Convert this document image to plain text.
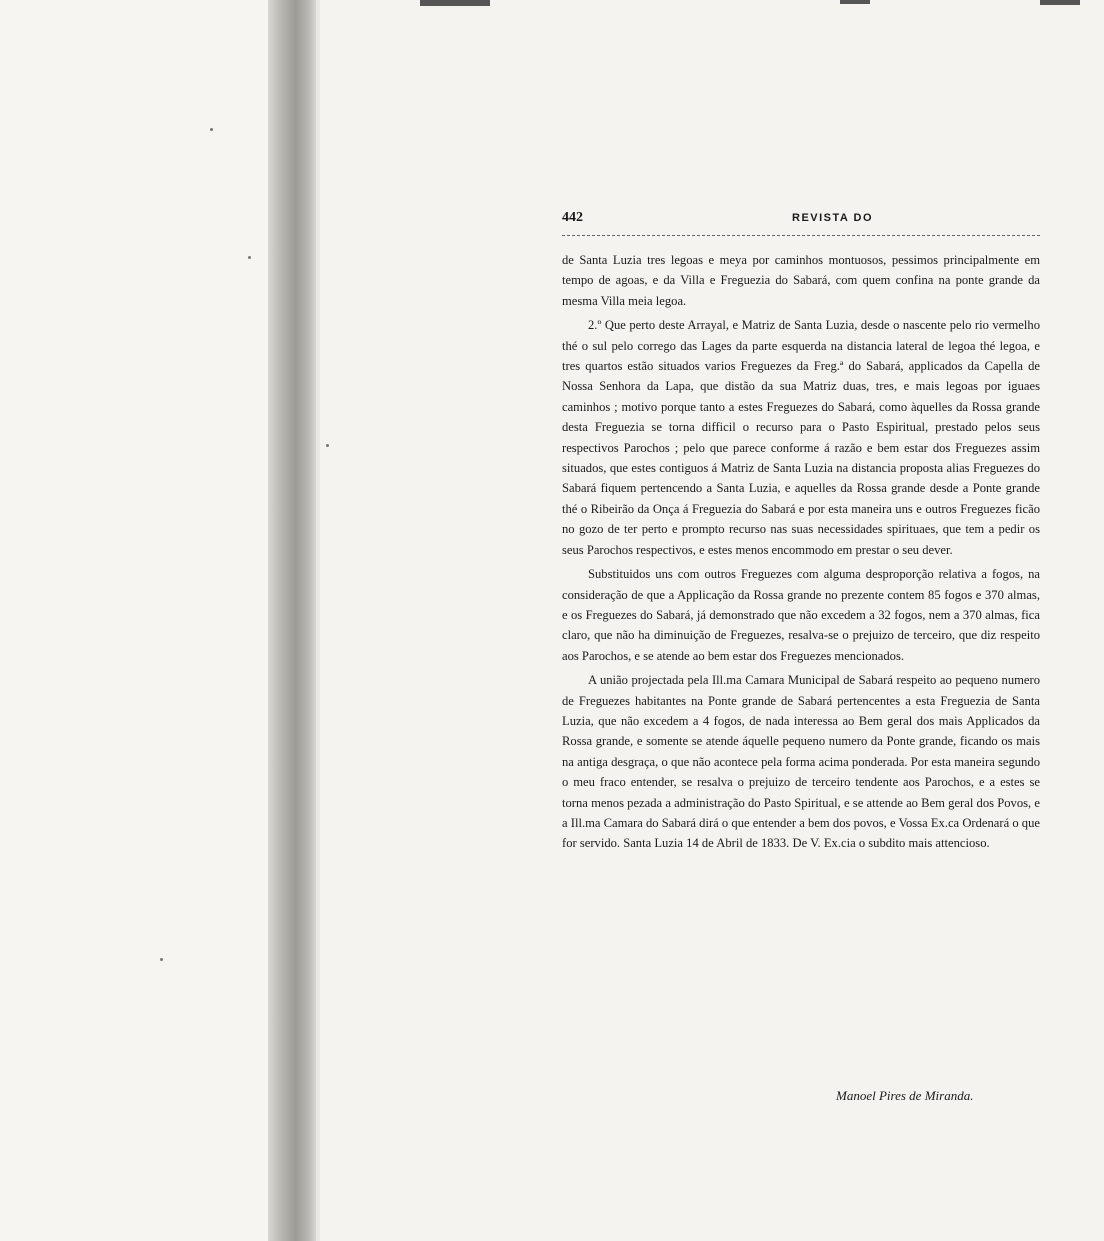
442	REVISTA DO

de Santa Luzia tres legoas e meya por caminhos montuosos, pessimos principalmente em tempo de agoas, e da Villa e Freguezia do Sabará, com quem confina na ponte grande da mesma Villa meia legoa.

2.º Que perto deste Arrayal, e Matriz de Santa Luzia, desde o nascente pelo rio vermelho thé o sul pelo corrego das Lages da parte esquerda na distancia lateral de legoa thé legoa, e tres quartos estão situados varios Freguezes da Freg.ª do Sabará, applicados da Capella de Nossa Senhora da Lapa, que distão da sua Matriz duas, tres, e mais legoas por iguaes caminhos ; motivo porque tanto a estes Freguezes do Sabará, como àquelles da Rossa grande desta Freguezia se torna difficil o recurso para o Pasto Espiritual, prestado pelos seus respectivos Parochos ; pelo que parece conforme á razão e bem estar dos Freguezes assim situados, que estes contiguos á Matriz de Santa Luzia na distancia proposta alias Freguezes do Sabará fiquem pertencendo a Santa Luzia, e aquelles da Rossa grande desde a Ponte grande thé o Ribeirão da Onça á Freguezia do Sabará e por esta maneira uns e outros Freguezes ficão no gozo de ter perto e prompto recurso nas suas necessidades spirituaes, que tem a pedir os seus Parochos respectivos, e estes menos encommodo em prestar o seu dever.

Substituidos uns com outros Freguezes com alguma desproporção relativa a fogos, na consideração de que a Applicação da Rossa grande no prezente contem 85 fogos e 370 almas, e os Freguezes do Sabará, já demonstrado que não excedem a 32 fogos, nem a 370 almas, fica claro, que não ha diminuição de Freguezes, resalva-se o prejuizo de terceiro, que diz respeito aos Parochos, e se atende ao bem estar dos Freguezes mencionados.

A união projectada pela Ill.ma Camara Municipal de Sabará respeito ao pequeno numero de Freguezes habitantes na Ponte grande de Sabará pertencentes a esta Freguezia de Santa Luzia, que não excedem a 4 fogos, de nada interessa ao Bem geral dos mais Applicados da Rossa grande, e somente se atende áquelle pequeno numero da Ponte grande, ficando os mais na antiga desgraça, o que não acontece pela forma acima ponderada. Por esta maneira segundo o meu fraco entender, se resalva o prejuizo de terceiro tendente aos Parochos, e a estes se torna menos pezada a administração do Pasto Spiritual, e se attende ao Bem geral dos Povos, e a Ill.ma Camara do Sabará dirá o que entender a bem dos povos, e Vossa Ex.ca Ordenará o que for servido. Santa Luzia 14 de Abril de 1833. De V. Ex.cia o subdito mais attencioso.

Manoel Pires de Miranda.
